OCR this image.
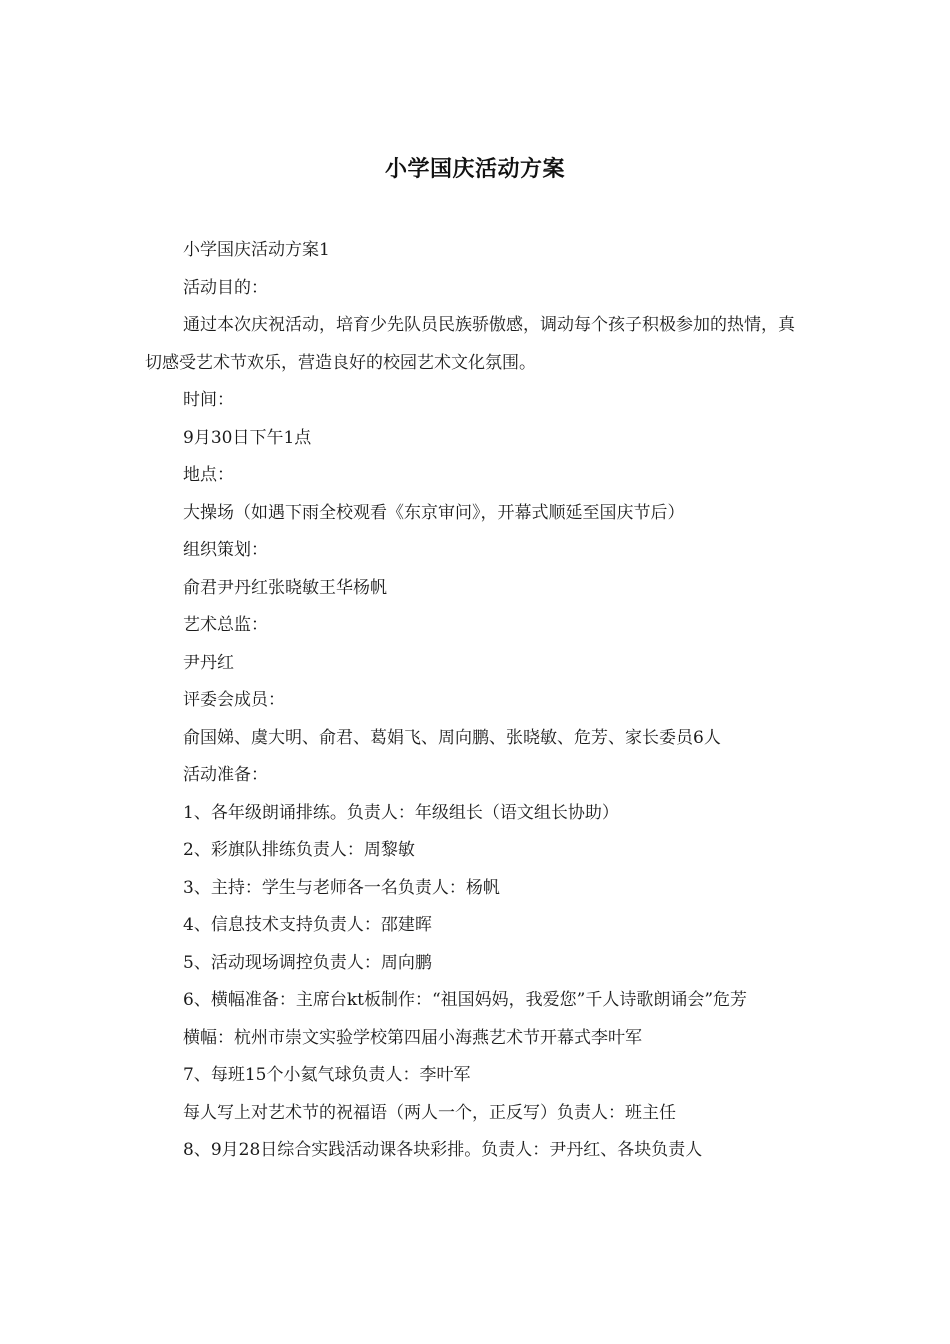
小学国庆活动方案

小学国庆活动方案1

活动目的：

通过本次庆祝活动，培育少先队员民族骄傲感，调动每个孩子积极参加的热情，真切感受艺术节欢乐，营造良好的校园艺术文化氛围。

时间：

9月30日下午1点

地点：

大操场（如遇下雨全校观看《东京审问》，开幕式顺延至国庆节后）

组织策划：

俞君尹丹红张晓敏王华杨帆

艺术总监：

尹丹红

评委会成员：

俞国娣、虞大明、俞君、葛娟飞、周向鹏、张晓敏、危芳、家长委员6人

活动准备：

1、各年级朗诵排练。负责人：年级组长（语文组长协助）

2、彩旗队排练负责人：周黎敏

3、主持：学生与老师各一名负责人：杨帆

4、信息技术支持负责人：邵建晖

5、活动现场调控负责人：周向鹏

6、横幅准备：主席台kt板制作：“祖国妈妈，我爱您”千人诗歌朗诵会”危芳

横幅：杭州市崇文实验学校第四届小海燕艺术节开幕式李叶军

7、每班15个小氦气球负责人：李叶军

每人写上对艺术节的祝福语（两人一个，正反写）负责人：班主任

8、9月28日综合实践活动课各块彩排。负责人：尹丹红、各块负责人
